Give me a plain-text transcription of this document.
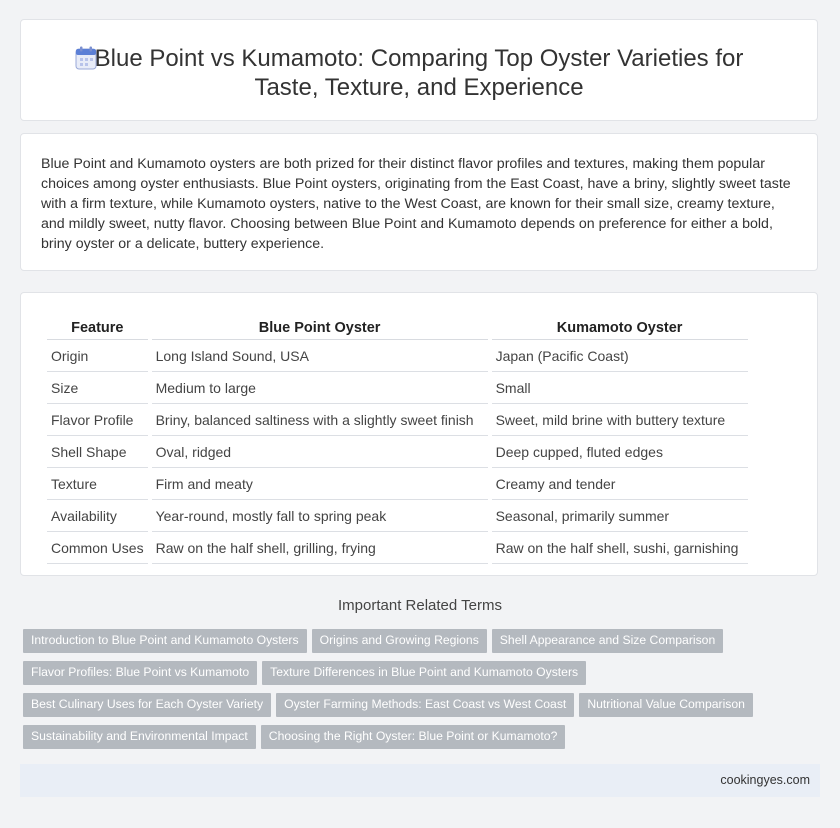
Blue Point vs Kumamoto: Comparing Top Oyster Varieties for
Taste, Texture, and Experience

Blue Point and Kumamoto oysters are both prized for their distinct flavor profiles and textures, making them popular choices among oyster enthusiasts. Blue Point oysters, originating from the East Coast, have a briny, slightly sweet taste with a firm texture, while Kumamoto oysters, native to the West Coast, are known for their small size, creamy texture, and mildly sweet, nutty flavor. Choosing between Blue Point and Kumamoto depends on preference for either a bold, briny oyster or a delicate, buttery experience.

Feature	Blue Point Oyster	Kumamoto Oyster
Origin	Long Island Sound, USA	Japan (Pacific Coast)
Size	Medium to large	Small
Flavor Profile	Briny, balanced saltiness with a slightly sweet finish	Sweet, mild brine with buttery texture
Shell Shape	Oval, ridged	Deep cupped, fluted edges
Texture	Firm and meaty	Creamy and tender
Availability	Year-round, mostly fall to spring peak	Seasonal, primarily summer
Common Uses	Raw on the half shell, grilling, frying	Raw on the half shell, sushi, garnishing
Important Related Terms
Introduction to Blue Point and Kumamoto Oysters Origins and Growing Regions Shell Appearance and Size ComparisonFlavor Profiles: Blue Point vs Kumamoto Texture Differences in Blue Point and Kumamoto OystersBest Culinary Uses for Each Oyster Variety Oyster Farming Methods: East Coast vs West Coast Nutritional Value ComparisonSustainability and Environmental Impact Choosing the Right Oyster: Blue Point or Kumamoto?
cookingyes.com
